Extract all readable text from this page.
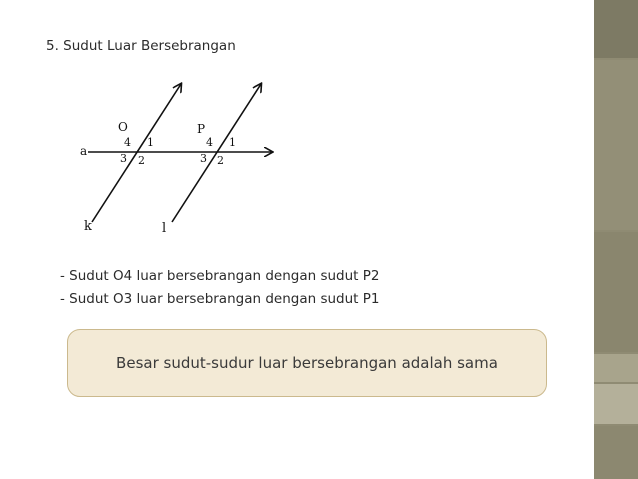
5. Sudut Luar Bersebrangan
a
k	l
O
4 1
3 2
P
4 1
3 2
- Sudut O4 luar bersebrangan dengan sudut P2
- Sudut O3 luar bersebrangan dengan sudut P1
Besar sudut-sudur luar bersebrangan adalah sama
